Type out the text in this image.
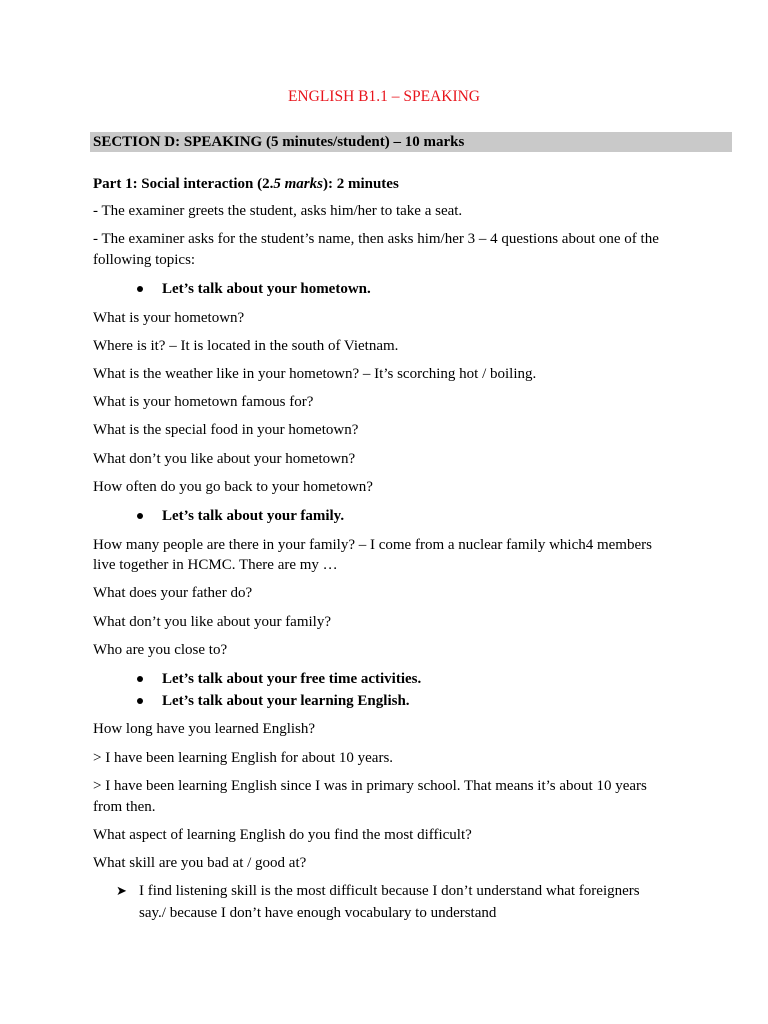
ENGLISH B1.1 – SPEAKING
SECTION D: SPEAKING (5 minutes/student) – 10 marks
Part 1: Social interaction (2.5 marks): 2 minutes
- The examiner greets the student, asks him/her to take a seat.
- The examiner asks for the student’s name, then asks him/her 3 – 4 questions about one of the
following topics:
Let’s talk about your hometown.
What is your hometown?
Where is it? – It is located in the south of Vietnam.
What is the weather like in your hometown? – It’s scorching hot / boiling.
What is your hometown famous for?
What is the special food in your hometown?
What don’t you like about your hometown?
How often do you go back to your hometown?
Let’s talk about your family.
How many people are there in your family? – I come from a nuclear family which4 members
live together in HCMC. There are my …
What does your father do?
What don’t you like about your family?
Who are you close to?
Let’s talk about your free time activities.
Let’s talk about your learning English.
How long have you learned English?
> I have been learning English for about 10 years.
> I have been learning English since I was in primary school. That means it’s about 10 years
from then.
What aspect of learning English do you find the most difficult?
What skill are you bad at / good at?
➤ I find listening skill is the most difficult because I don’t understand what foreigners
say./ because I don’t have enough vocabulary to understand
